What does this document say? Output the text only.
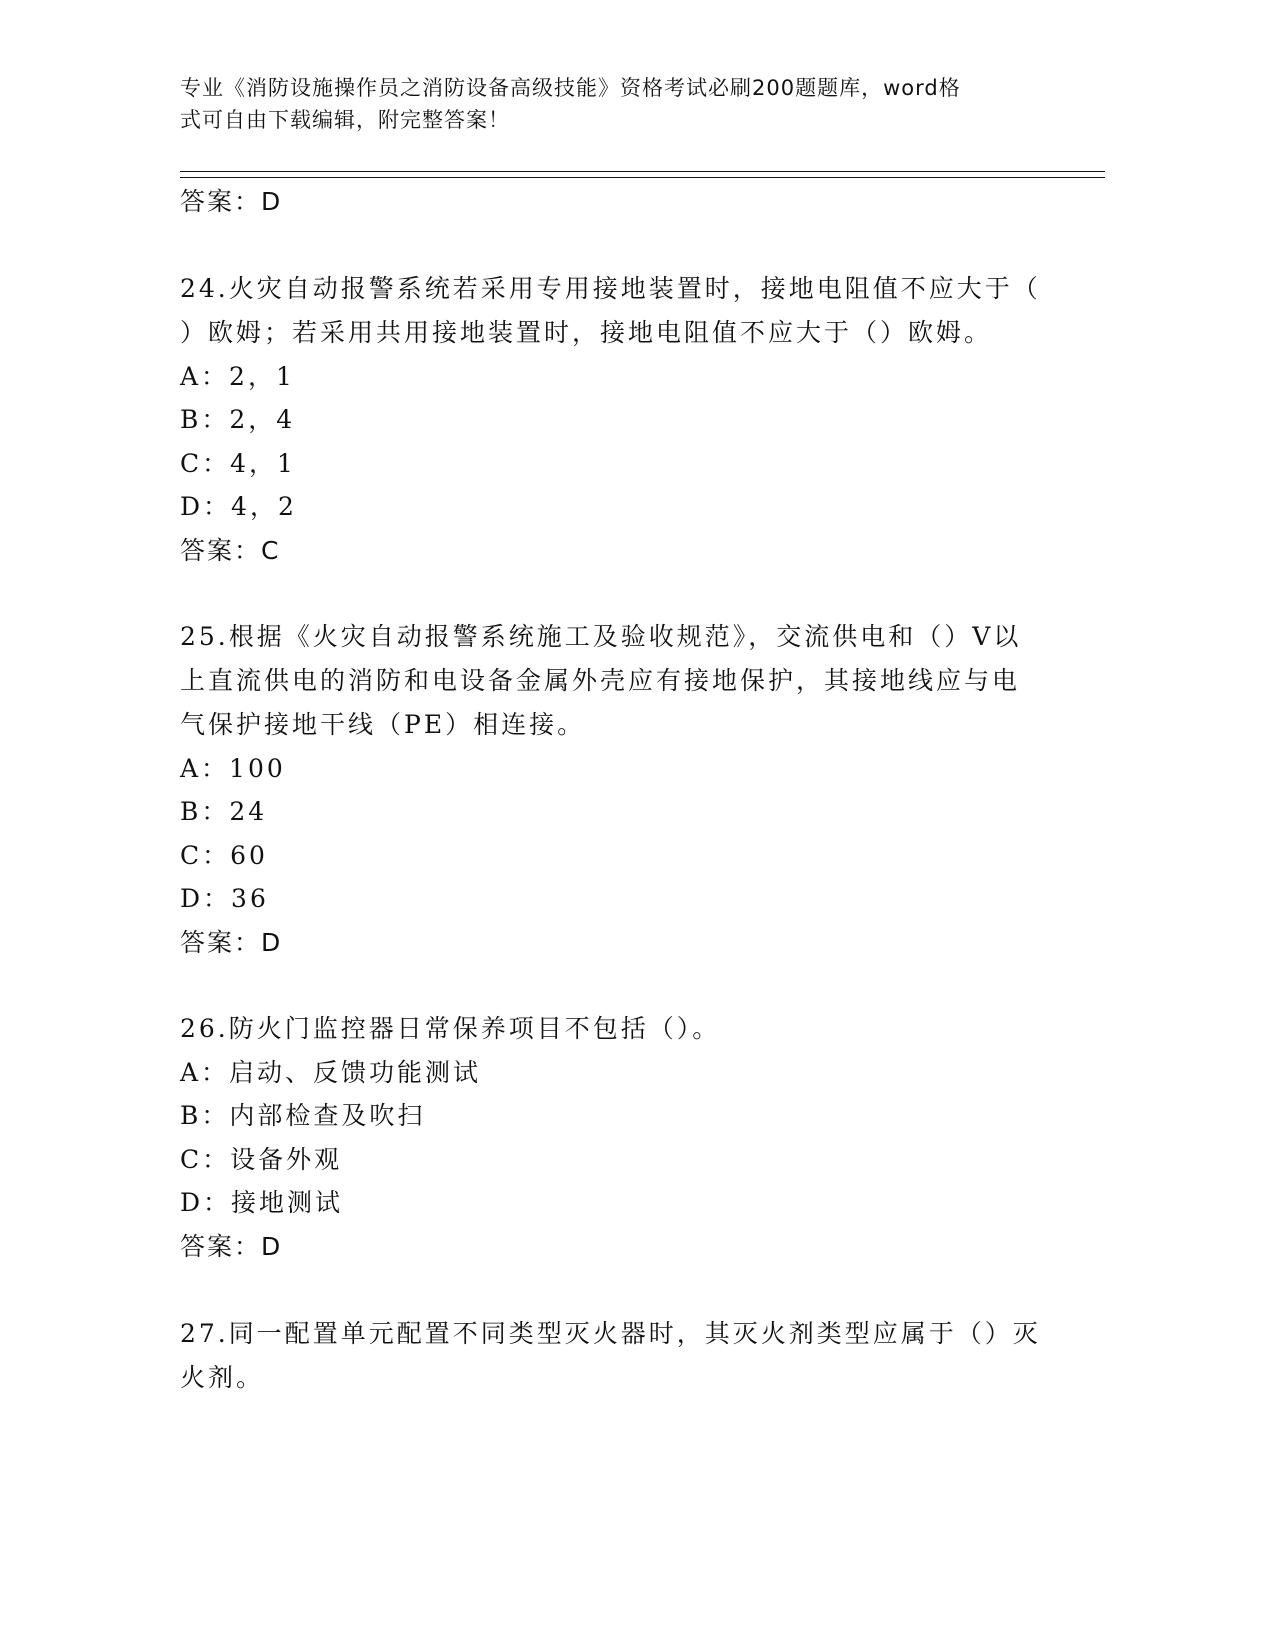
专业《消防设施操作员之消防设备高级技能》资格考试必刷200题题库，word格
式可自由下载编辑，附完整答案！
答案：D
24.火灾自动报警系统若采用专用接地装置时，接地电阻值不应大于（
）欧姆；若采用共用接地装置时，接地电阻值不应大于（）欧姆。
A：2，1
B：2，4
C：4，1
D：4，2
答案：C
25.根据《火灾自动报警系统施工及验收规范》，交流供电和（）V以
上直流供电的消防和电设备金属外壳应有接地保护，其接地线应与电
气保护接地干线（PE）相连接。
A：100
B：24
C：60
D：36
答案：D
26.防火门监控器日常保养项目不包括（）。
A：启动、反馈功能测试
B：内部检查及吹扫
C：设备外观
D：接地测试
答案：D
27.同一配置单元配置不同类型灭火器时，其灭火剂类型应属于（）灭
火剂。
